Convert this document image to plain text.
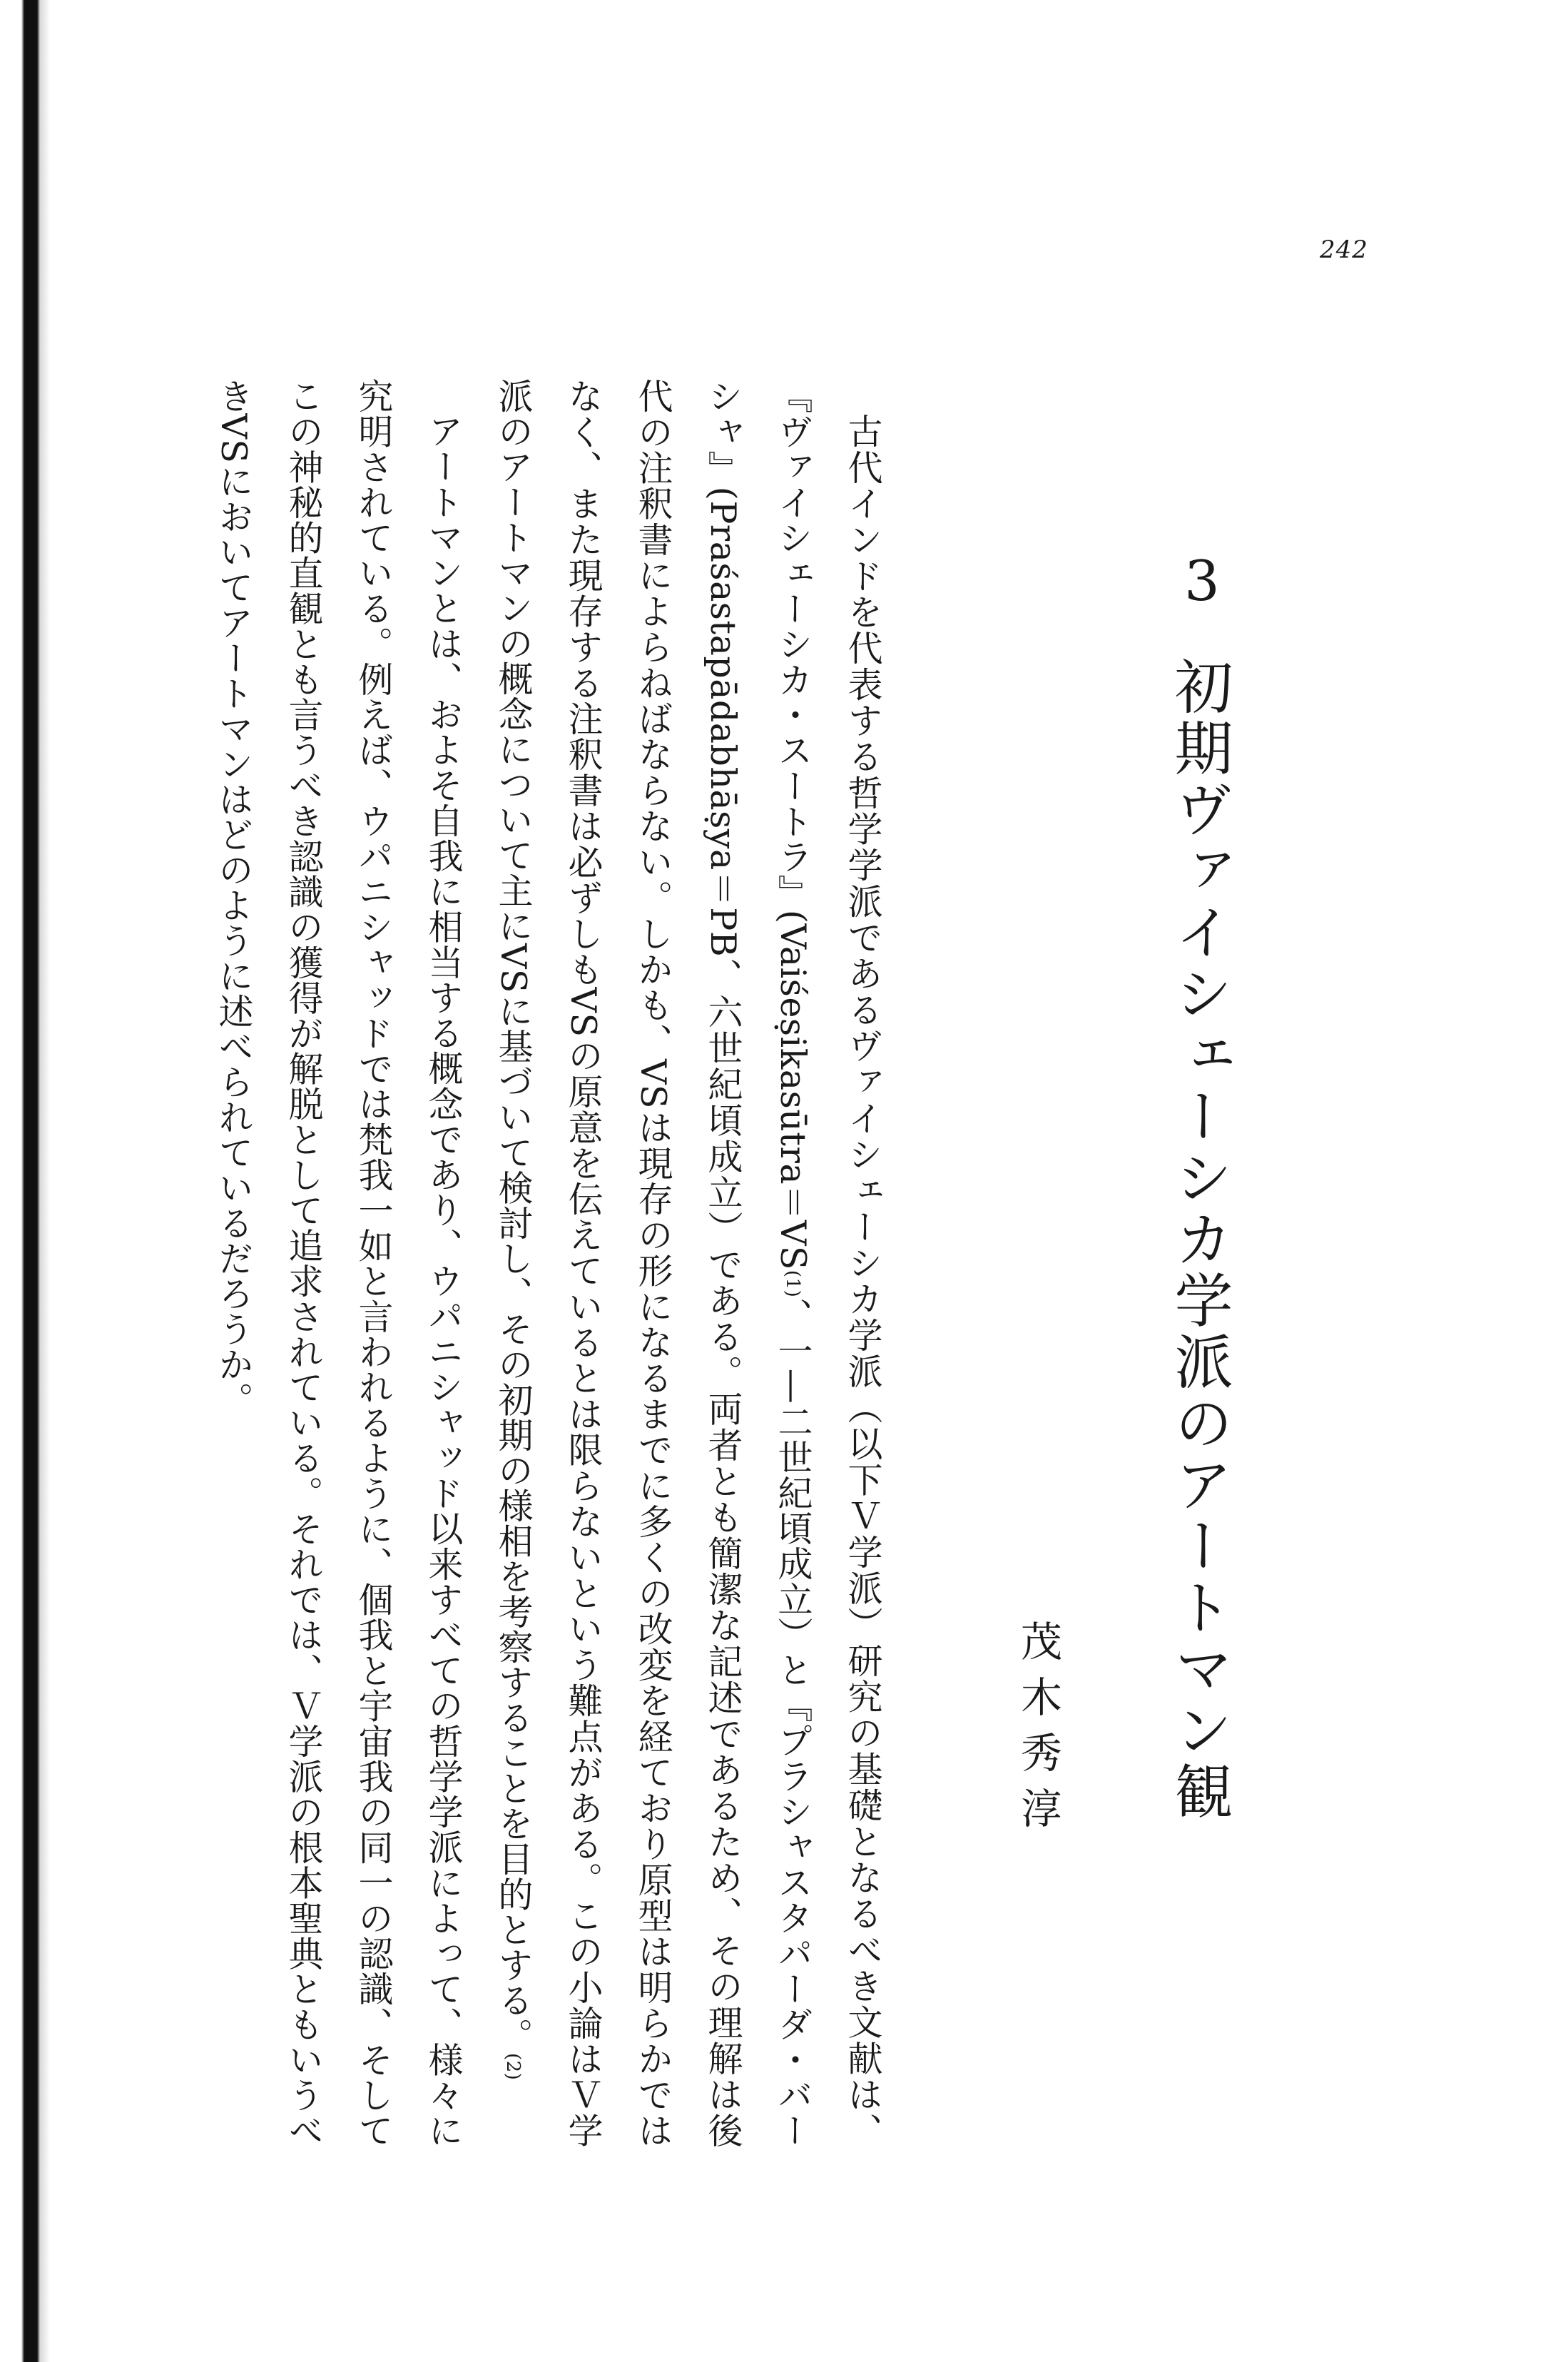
242
3
初期ヴァイシェーシカ学派のアートマン観
茂木秀淳

古代インドを代表する哲学学派であるヴァイシェーシカ学派（以下Ｖ学派）研究の基礎となるべき文献は、『ヴァイシェーシカ・スートラ』(Vaiśeṣikasūtra＝VS$^{(1)}$、一—二世紀頃成立）と『プラシャスタパーダ・バーシャ』(Praśastapādabhāṣya＝PB、六世紀頃成立）である。両者とも簡潔な記述であるため、その理解は後代の注釈書によらねばならない。しかも、VSは現存の形になるまでに多くの改変を経ており原型は明らかではなく、また現存する注釈書は必ずしもVSの原意を伝えているとは限らないという難点がある。この小論はＶ学派のアートマンの概念について主にVSに基づいて検討し、その初期の様相を考察することを目的とする。$^{(2)}$

アートマンとは、およそ自我に相当する概念であり、ウパニシャッド以来すべての哲学学派によって、様々に究明されている。例えば、ウパニシャッドでは梵我一如と言われるように、個我と宇宙我の同一の認識、そしてこの神秘的直観とも言うべき認識の獲得が解脱として追求されている。それでは、Ｖ学派の根本聖典ともいうべきVSにおいてアートマンはどのように述べられているだろうか。
